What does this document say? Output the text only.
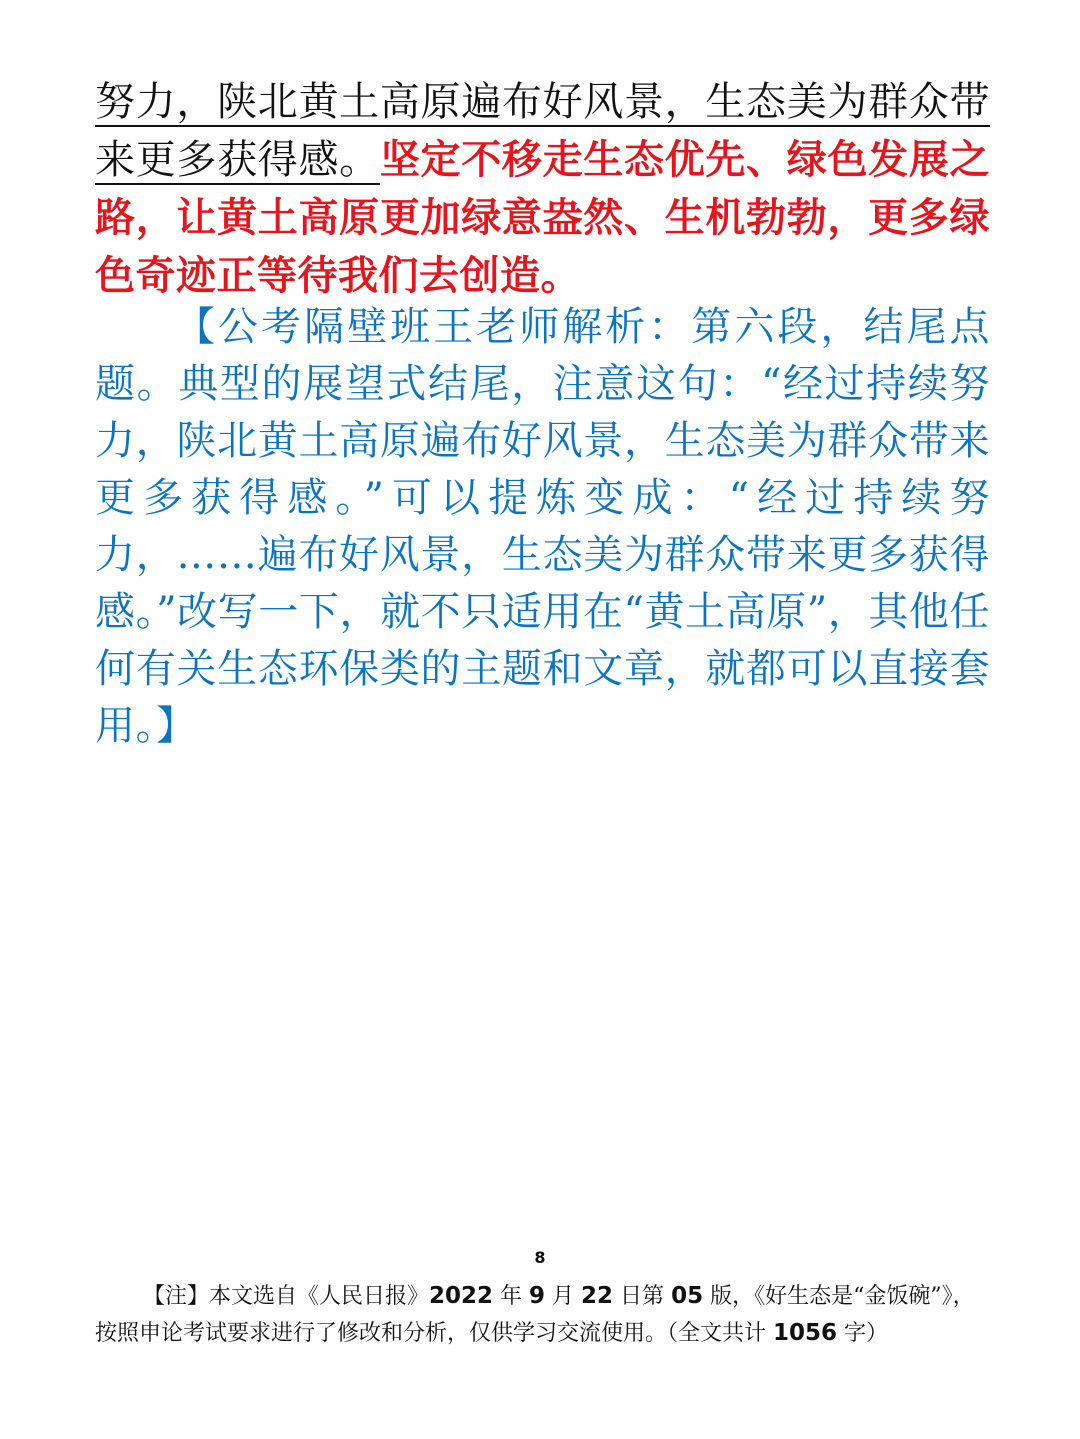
努力，陕北黄土高原遍布好风景，生态美为群众带来更多获得感。坚定不移走生态优先、绿色发展之路，让黄土高原更加绿意盎然、生机勃勃，更多绿色奇迹正等待我们去创造。

【公考隔壁班王老师解析：第六段，结尾点题。典型的展望式结尾，注意这句：“经过持续努力，陕北黄土高原遍布好风景，生态美为群众带来更多获得感。”可以提炼变成：“经过持续努力，……遍布好风景，生态美为群众带来更多获得感。”改写一下，就不只适用在“黄土高原”，其他任何有关生态环保类的主题和文章，就都可以直接套用。】

8

【注】本文选自《人民日报》2022 年 9 月 22 日第 05 版，《好生态是“金饭碗”》，按照申论考试要求进行了修改和分析，仅供学习交流使用。（全文共计 1056 字）
